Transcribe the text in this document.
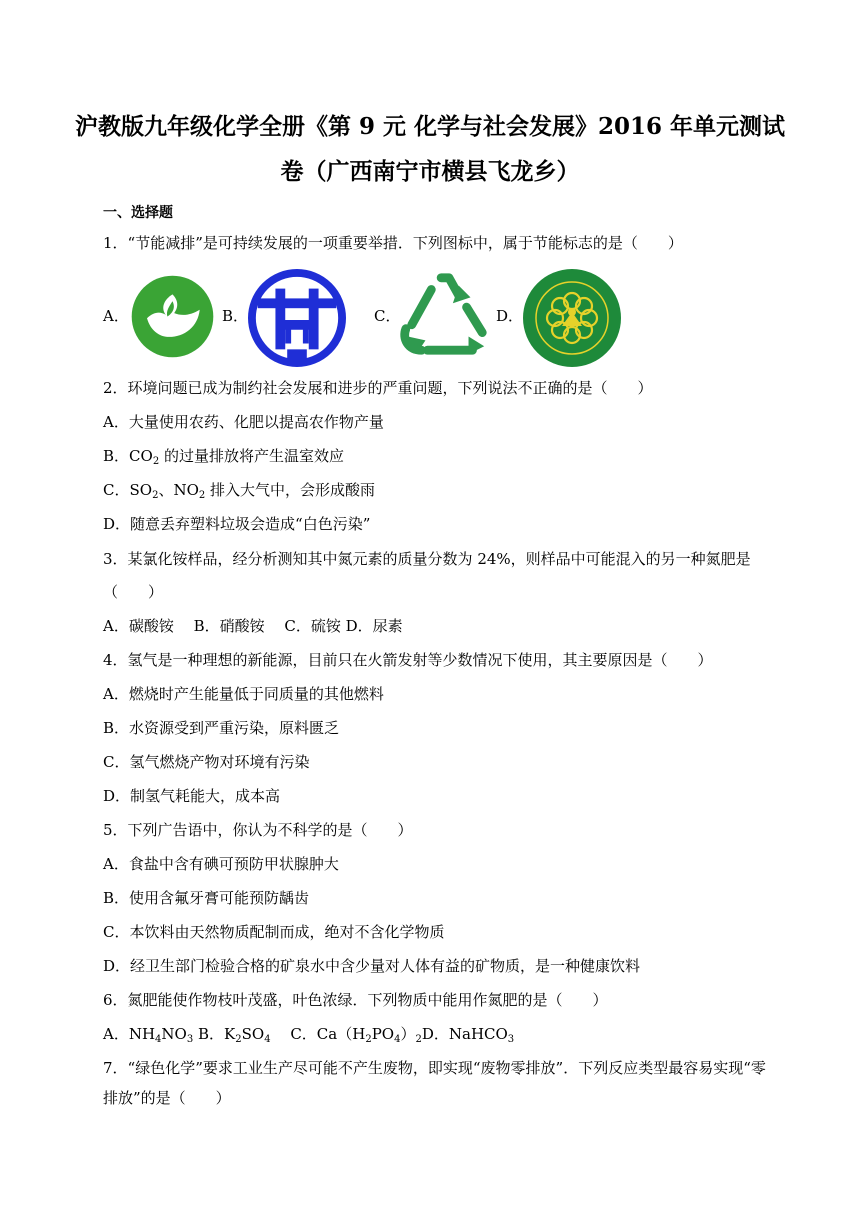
沪教版九年级化学全册《第 9 元 化学与社会发展》2016 年单元测试
卷（广西南宁市横县飞龙乡）
一、选择题
1．“节能减排”是可持续发展的一项重要举措．下列图标中，属于节能标志的是（　　）
A．	B．	C．	D．
2．环境问题已成为制约社会发展和进步的严重问题，下列说法不正确的是（　　）
A．大量使用农药、化肥以提高农作物产量
B．$CO_2$ 的过量排放将产生温室效应
C．$SO_2$、$NO_2$ 排入大气中，会形成酸雨
D．随意丢弃塑料垃圾会造成“白色污染”
3．某氯化铵样品，经分析测知其中氮元素的质量分数为 24%，则样品中可能混入的另一种氮肥是
（　　）
A．碳酸铵　 B．硝酸铵　 C．硫铵 D．尿素
4．氢气是一种理想的新能源，目前只在火箭发射等少数情况下使用，其主要原因是（　　）
A．燃烧时产生能量低于同质量的其他燃料
B．水资源受到严重污染，原料匮乏
C．氢气燃烧产物对环境有污染
D．制氢气耗能大，成本高
5．下列广告语中，你认为不科学的是（　　）
A．食盐中含有碘可预防甲状腺肿大
B．使用含氟牙膏可能预防龋齿
C．本饮料由天然物质配制而成，绝对不含化学物质
D．经卫生部门检验合格的矿泉水中含少量对人体有益的矿物质，是一种健康饮料
6．氮肥能使作物枝叶茂盛，叶色浓绿．下列物质中能用作氮肥的是（　　）
A．$NH_4NO_3$ B．$K_2SO_4$　 C．$Ca(H_2PO_4)_2D$．NaHCO$_3$
7．“绿色化学”要求工业生产尽可能不产生废物，即实现“废物零排放”．下列反应类型最容易实现“零
排放”的是（　　）
